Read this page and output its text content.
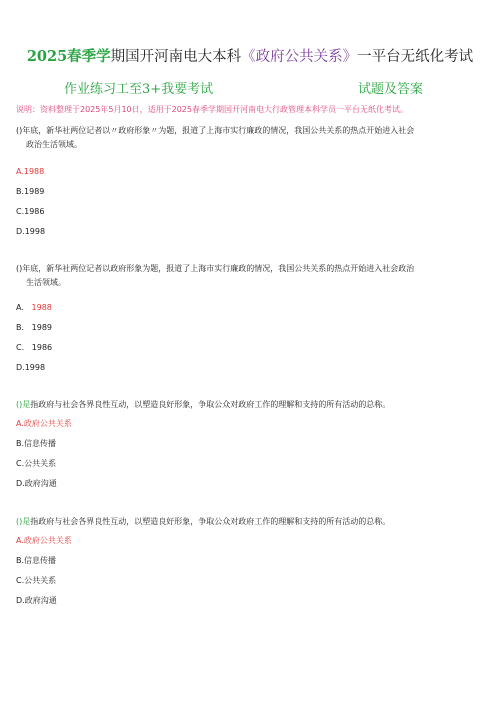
2025春季学期国开河南电大本科《政府公共关系》一平台无纸化考试
作业练习工至3+我要考试	试题及答案
说明：资料整理于2025年5月10日，适用于2025春季学期国开河南电大行政管理本科学员一平台无纸化考试。
()年底，新华社两位记者以〃政府形象〃为题，报道了上海市实行廉政的情况，我国公共关系的热点开始进入社会
政治生活领域。
A.1988
B.1989
C.1986
D.1998
()年底，新华社两位记者以政府形象为题，报道了上海市实行廉政的情况，我国公共关系的热点开始进入社会政治
生活领域。
A.   1988
B.   1989
C.   1986
D.1998
()是指政府与社会各界良性互动，以塑造良好形象，争取公众对政府工作的理解和支持的所有活动的总称。
A.政府公共关系
B.信息传播
C.公共关系
D.政府沟通
()是指政府与社会各界良性互动，以塑造良好形象，争取公众对政府工作的理解和支持的所有活动的总称。
A.政府公共关系
B.信息传播
C.公共关系
D.政府沟通
